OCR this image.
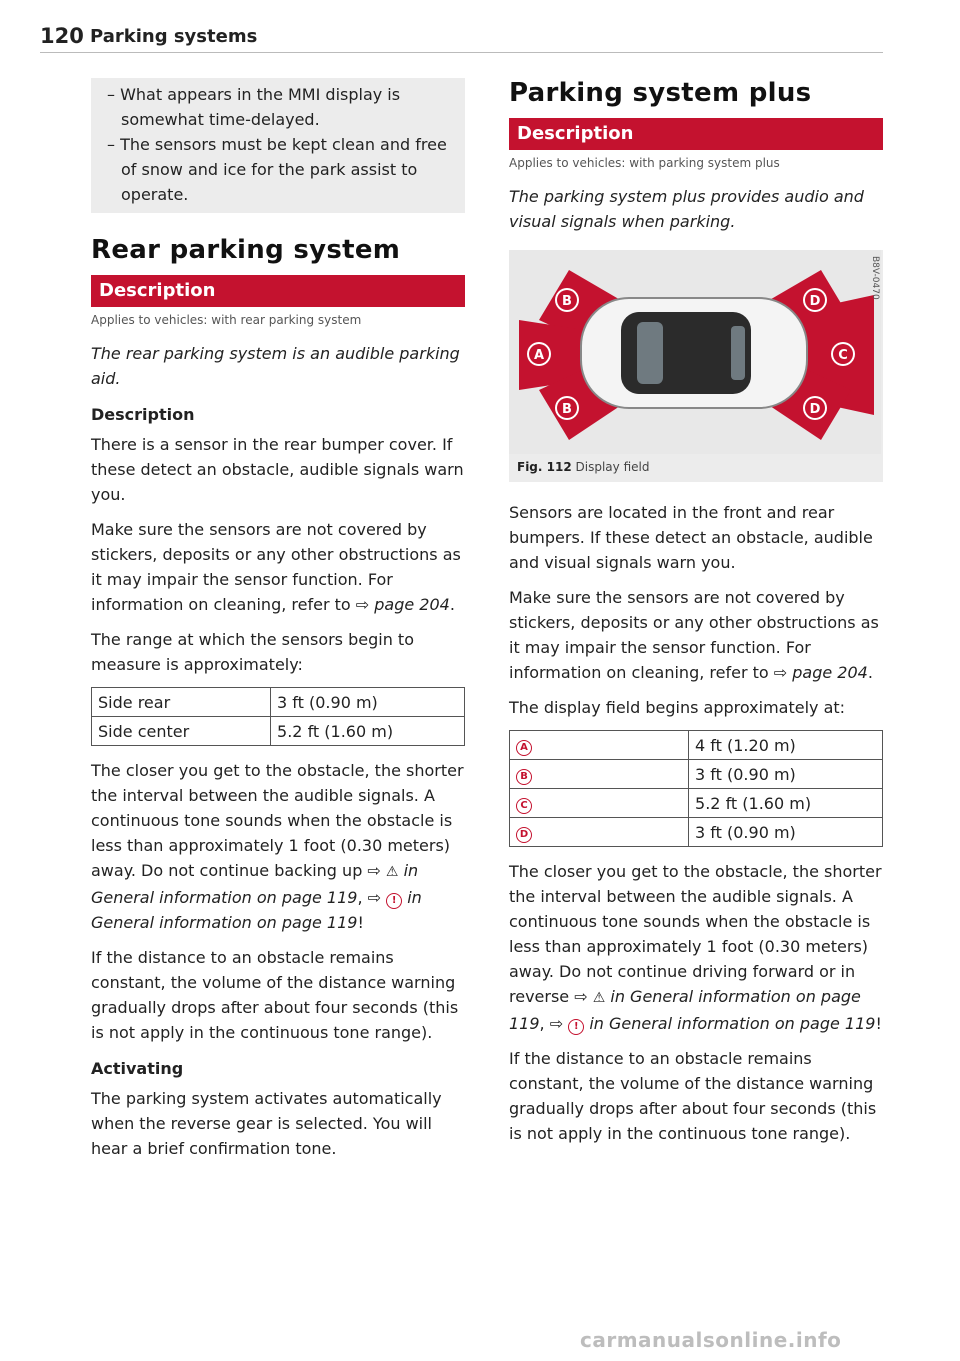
120 Parking systems

– What appears in the MMI display is somewhat time-delayed.

– The sensors must be kept clean and free of snow and ice for the park assist to operate.

Rear parking system
Description
Applies to vehicles: with rear parking system

The rear parking system is an audible parking aid.

Description

There is a sensor in the rear bumper cover. If these detect an obstacle, audible signals warn you.

Make sure the sensors are not covered by stickers, deposits or any other obstructions as it may impair the sensor function. For information on cleaning, refer to ⇨ page 204.

The range at which the sensors begin to measure is approximately:

Side rear	3 ft (0.90 m)
Side center	5.2 ft (1.60 m)

The closer you get to the obstacle, the shorter the interval between the audible signals. A continuous tone sounds when the obstacle is less than approximately 1 foot (0.30 meters) away. Do not continue backing up ⇨ ⚠ in General information on page 119, ⇨ ! in General information on page 119!

If the distance to an obstacle remains constant, the volume of the distance warning gradually drops after about four seconds (this is not apply in the continuous tone range).

Activating

The parking system activates automatically when the reverse gear is selected. You will hear a brief confirmation tone.

Parking system plus
Description
Applies to vehicles: with parking system plus

The parking system plus provides audio and visual signals when parking.

B
A
B
C
D
D
B8V-0470
Fig. 112 Display field

Sensors are located in the front and rear bumpers. If these detect an obstacle, audible and visual signals warn you.

Make sure the sensors are not covered by stickers, deposits or any other obstructions as it may impair the sensor function. For information on cleaning, refer to ⇨ page 204.

The display field begins approximately at:

A	4 ft (1.20 m)
B	3 ft (0.90 m)
C	5.2 ft (1.60 m)
D	3 ft (0.90 m)

The closer you get to the obstacle, the shorter the interval between the audible signals. A continuous tone sounds when the obstacle is less than approximately 1 foot (0.30 meters) away. Do not continue driving forward or in reverse ⇨ ⚠ in General information on page 119, ⇨ ! in General information on page 119!

If the distance to an obstacle remains constant, the volume of the distance warning gradually drops after about four seconds (this is not apply in the continuous tone range).

carmanualsonline.info
